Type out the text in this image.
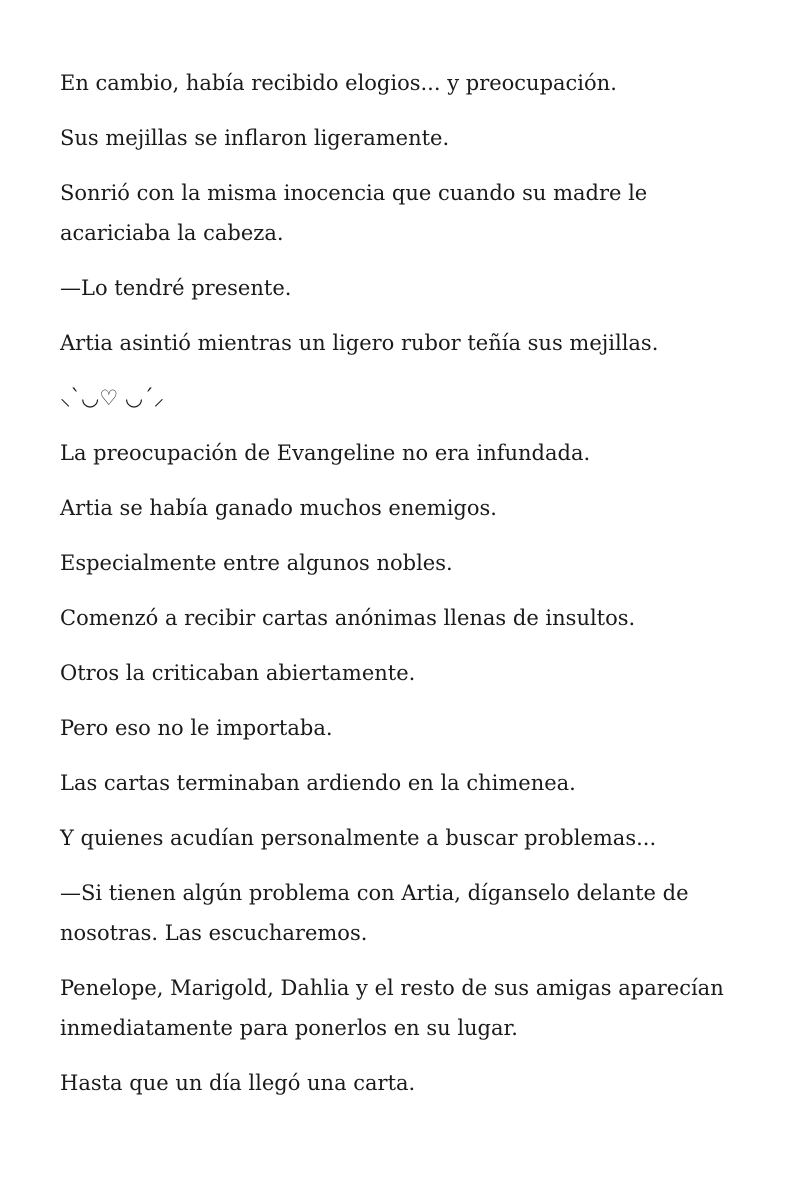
En cambio, había recibido elogios... y preocupación.

Sus mejillas se inflaron ligeramente.

Sonrió con la misma inocencia que cuando su madre le acariciaba la cabeza.

—Lo tendré presente.

Artia asintió mientras un ligero rubor teñía sus mejillas.

⸜`◡♡ ◡´⸝

La preocupación de Evangeline no era infundada.

Artia se había ganado muchos enemigos.

Especialmente entre algunos nobles.

Comenzó a recibir cartas anónimas llenas de insultos.

Otros la criticaban abiertamente.

Pero eso no le importaba.

Las cartas terminaban ardiendo en la chimenea.

Y quienes acudían personalmente a buscar problemas...

—Si tienen algún problema con Artia, díganselo delante de nosotras. Las escucharemos.

Penelope, Marigold, Dahlia y el resto de sus amigas aparecían inmediatamente para ponerlos en su lugar.

Hasta que un día llegó una carta.
